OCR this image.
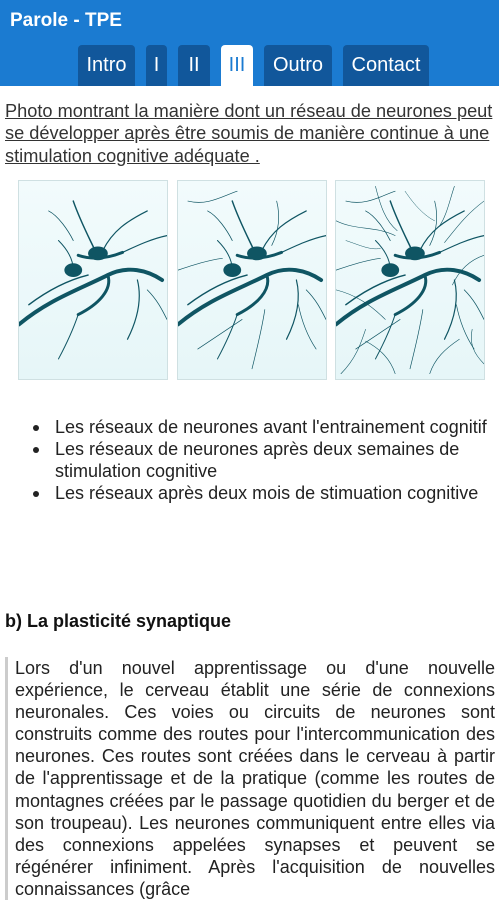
Parole - TPE
Intro	I	II	III	Outro	Contact

Photo montrant la manière dont un réseau de neurones peut se développer après être soumis de manière continue à une stimulation cognitive adéquate .

Les réseaux de neurones avant l'entrainement cognitif
Les réseaux de neurones après deux semaines de stimulation cognitive
Les réseaux après deux mois de stimuation cognitive
b) La plasticité synaptique
Lors d'un nouvel apprentissage ou d'une nouvelle expérience, le cerveau établit une série de connexions neuronales. Ces voies ou circuits de neurones sont construits comme des routes pour l'intercommunication des neurones. Ces routes sont créées dans le cerveau à partir de l'apprentissage et de la pratique (comme les routes de montagnes créées par le passage quotidien du berger et de son troupeau). Les neurones communiquent entre elles via des connexions appelées synapses et peuvent se régénérer infiniment. Après l'acquisition de nouvelles connaissances (grâce
